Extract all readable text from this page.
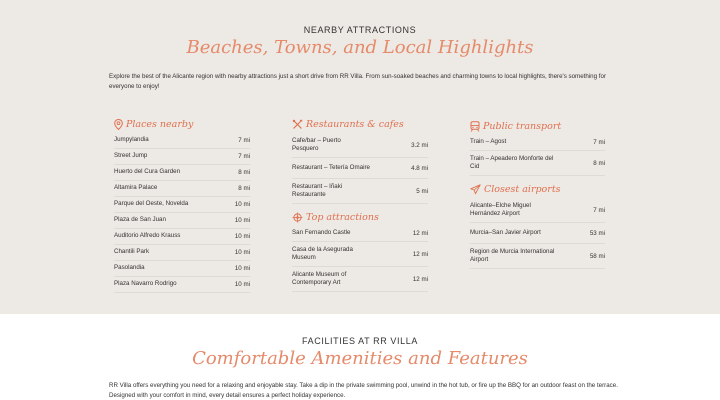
NEARBY ATTRACTIONS
Beaches, Towns, and Local Highlights
Explore the best of the Alicante region with nearby attractions just a short drive from RR Villa. From sun-soaked beaches and charming towns to local highlights, there's something for everyone to enjoy!
Places nearby
Jumpylandia	7 mi
Street Jump	7 mi
Huerto del Cura Garden	8 mi
Altamira Palace	8 mi
Parque del Oeste, Novelda	10 mi
Plaza de San Juan	10 mi
Auditorio Alfredo Krauss	10 mi
Chantili Park	10 mi
Pasolandia	10 mi
Plaza Navarro Rodrigo	10 mi
Restaurants & cafes
Cafe/bar – Puerto Pesquero	3.2 mi
Restaurant – Tetería Omaire	4.8 mi
Restaurant – Iñaki Restaurante	5 mi
Top attractions
San Fernando Castle	12 mi
Casa de la Asegurada Museum	12 mi
Alicante Museum of Contemporary Art	12 mi
Public transport
Train – Agost	7 mi
Train – Apeadero Monforte del Cid	8 mi
Closest airports
Alicante–Elche Miguel Hernández Airport	7 mi
Murcia–San Javier Airport	53 mi
Region de Murcia International Airport	58 mi
FACILITIES AT RR VILLA
Comfortable Amenities and Features
RR Villa offers everything you need for a relaxing and enjoyable stay. Take a dip in the private swimming pool, unwind in the hot tub, or fire up the BBQ for an outdoor feast on the terrace. Designed with your comfort in mind, every detail ensures a perfect holiday experience.
